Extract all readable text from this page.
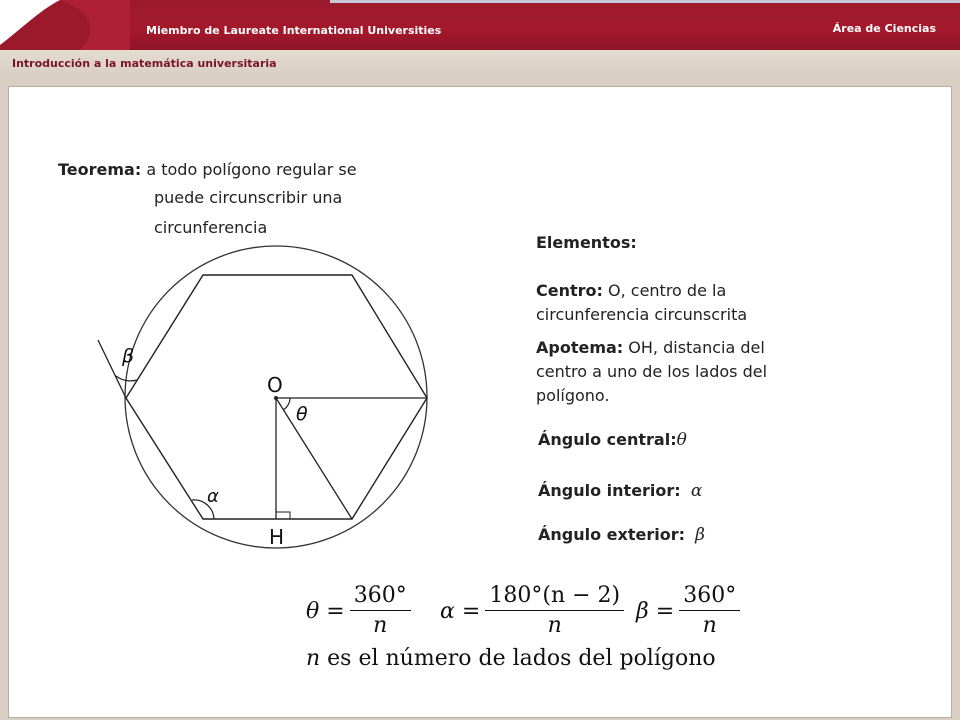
Miembro de Laureate International Universities	Área de Ciencias
Introducción a la matemática universitaria
Teorema: a todo polígono regular se
puede circunscribir una
circunferencia
O
H
θ
α
β
Elementos:
Centro: O, centro de la
circunferencia circunscrita
Apotema: OH, distancia del
centro a uno de los lados del
polígono.
Ángulo central:θ
Ángulo interior: α
Ángulo exterior: β
$\theta = \frac{360^\circ}{n}$ $\alpha = \frac{180^\circ(n - 2)}{n}$ $\beta = \frac{360^\circ}{n}$
n es el número de lados del polígono
